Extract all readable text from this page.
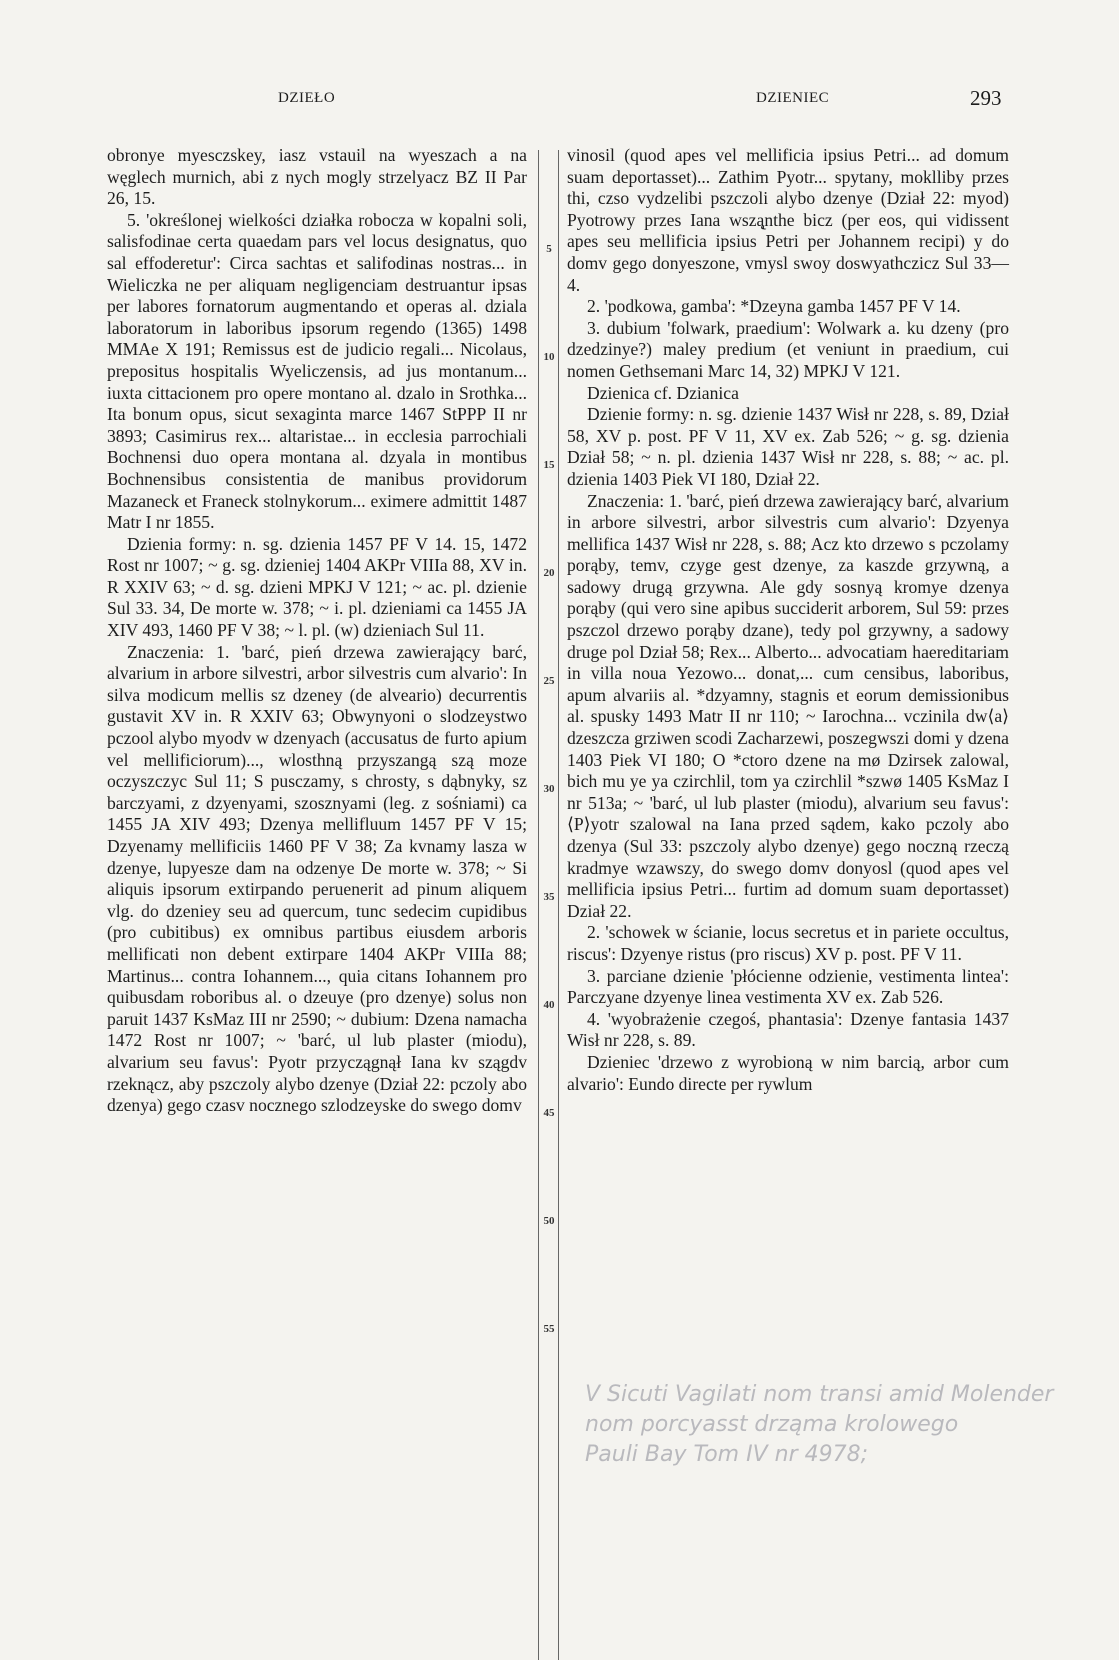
DZIEŁO	DZIENIEC	293
5
10
15
20
25
30
35
40
45
50
55

obronye myesczskey, iasz vstauil na wyeszach a na węglech murnich, abi z nych mogly strzelyacz BZ II Par 26, 15.

5. 'określonej wielkości działka robocza w kopalni soli, salisfodinae certa quaedam pars vel locus designatus, quo sal effoderetur': Circa sachtas et salifodinas nostras... in Wieliczka ne per aliquam negligenciam destruantur ipsas per labores fornatorum augmentando et operas al. dziala laboratorum in laboribus ipsorum regendo (1365) 1498 MMAe X 191; Remissus est de judicio regali... Nicolaus, prepositus hospitalis Wyeliczensis, ad jus montanum... iuxta cittacionem pro opere montano al. dzalo in Srothka... Ita bonum opus, sicut sexaginta marce 1467 StPPP II nr 3893; Casimirus rex... altaristae... in ecclesia parrochiali Bochnensi duo opera montana al. dzyala in montibus Bochnensibus consistentia de manibus providorum Mazaneck et Franeck stolnykorum... eximere admittit 1487 Matr I nr 1855.

Dzienia formy: n. sg. dzienia 1457 PF V 14. 15, 1472 Rost nr 1007; ~ g. sg. dzieniej 1404 AKPr VIIIa 88, XV in. R XXIV 63; ~ d. sg. dzieni MPKJ V 121; ~ ac. pl. dzienie Sul 33. 34, De morte w. 378; ~ i. pl. dzieniami ca 1455 JA XIV 493, 1460 PF V 38; ~ l. pl. (w) dzieniach Sul 11.

Znaczenia: 1. 'barć, pień drzewa zawierający barć, alvarium in arbore silvestri, arbor silvestris cum alvario': In silva modicum mellis sz dzeney (de alveario) decurrentis gustavit XV in. R XXIV 63; Obwynyoni o slodzeystwo pczool alybo myodv w dzenyach (accusatus de furto apium vel mellificiorum)..., wlosthną przyszangą szą moze oczyszczyc Sul 11; S pusczamy, s chrosty, s dąbnyky, sz barczyami, z dzyenyami, szosznyami (leg. z sośniami) ca 1455 JA XIV 493; Dzenya mellifluum 1457 PF V 15; Dzyenamy mellificiis 1460 PF V 38; Za kvnamy lasza w dzenye, lupyesze dam na odzenye De morte w. 378; ~ Si aliquis ipsorum extirpando peruenerit ad pinum aliquem vlg. do dzeniey seu ad quercum, tunc sedecim cupidibus (pro cubitibus) ex omnibus partibus eiusdem arboris mellificati non debent extirpare 1404 AKPr VIIIa 88; Martinus... contra Iohannem..., quia citans Iohannem pro quibusdam roboribus al. o dzeuye (pro dzenye) solus non paruit 1437 KsMaz III nr 2590; ~ dubium: Dzena namacha 1472 Rost nr 1007; ~ 'barć, ul lub plaster (miodu), alvarium seu favus': Pyotr przyczągnął Iana kv szągdv rzeknącz, aby pszczoly alybo dzenye (Dział 22: pczoly abo dzenya) gego czasv nocznego szlodzeyske do swego domv

vinosil (quod apes vel mellificia ipsius Petri... ad domum suam deportasset)... Zathim Pyotr... spytany, moklliby przes thi, czso vydzelibi pszczoli alybo dzenye (Dział 22: myod) Pyotrowy przes Iana wszą̨nthe bicz (per eos, qui vidissent apes seu mellificia ipsius Petri per Johannem recipi) y do domv gego donyeszone, vmysl swoy doswyathczicz Sul 33—4.

2. 'podkowa, gamba': *Dzeyna gamba 1457 PF V 14.

3. dubium 'folwark, praedium': Wolwark a. ku dzeny (pro dzedzinye?) maley predium (et veniunt in praedium, cui nomen Gethsemani Marc 14, 32) MPKJ V 121.

Dzienica cf. Dzianica

Dzienie formy: n. sg. dzienie 1437 Wisł nr 228, s. 89, Dział 58, XV p. post. PF V 11, XV ex. Zab 526; ~ g. sg. dzienia Dział 58; ~ n. pl. dzienia 1437 Wisł nr 228, s. 88; ~ ac. pl. dzienia 1403 Piek VI 180, Dział 22.

Znaczenia: 1. 'barć, pień drzewa zawierający barć, alvarium in arbore silvestri, arbor silvestris cum alvario': Dzyenya mellifica 1437 Wisł nr 228, s. 88; Acz kto drzewo s pczolamy porąby, temv, czyge gest dzenye, za kaszde grzywną, a sadowy drugą grzywna. Ale gdy sosnyą kromye dzenya porąby (qui vero sine apibus succiderit arborem, Sul 59: przes pszczol drzewo porąby dzane), tedy pol grzywny, a sadowy druge pol Dział 58; Rex... Alberto... advocatiam haereditariam in villa noua Yezowo... donat,... cum censibus, laboribus, apum alvariis al. *dzyamny, stagnis et eorum demissionibus al. spusky 1493 Matr II nr 110; ~ Iarochna... vczinila dw⟨a⟩dzeszcza grziwen scodi Zacharzewi, poszegwszi domi y dzena 1403 Piek VI 180; O *ctoro dzene na mø Dzirsek zalowal, bich mu ye ya czirchlil, tom ya czirchlil *szwø 1405 KsMaz I nr 513a; ~ 'barć, ul lub plaster (miodu), alvarium seu favus': ⟨P⟩yotr szalowal na Iana przed sądem, kako pczoly abo dzenya (Sul 33: pszczoly alybo dzenye) gego noczną rzeczą kradmye wzawszy, do swego domv donyosl (quod apes vel mellificia ipsius Petri... furtim ad domum suam deportasset) Dział 22.

2. 'schowek w ścianie, locus secretus et in pariete occultus, riscus': Dzyenye ristus (pro riscus) XV p. post. PF V 11.

3. parciane dzienie 'płócienne odzienie, vestimenta lintea': Parczyane dzyenye linea vestimenta XV ex. Zab 526.

4. 'wyobrażenie czegoś, phantasia': Dzenye fantasia 1437 Wisł nr 228, s. 89.

Dzieniec 'drzewo z wyrobioną w nim barcią, arbor cum alvario': Eundo directe per rywlum

V Sicuti Vagilati nom transi amid Molender
nom porcyasst drząma krolowego
Pauli Bay Tom IV nr 4978;
